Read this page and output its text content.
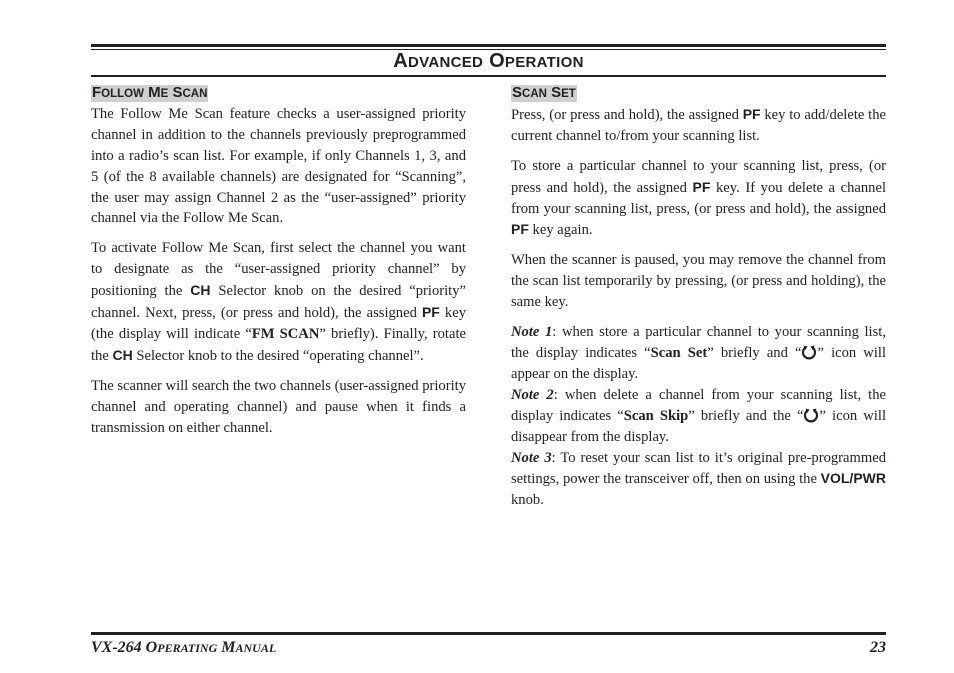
ADVANCED OPERATION
FOLLOW ME SCAN

The Follow Me Scan feature checks a user-assigned priority channel in addition to the channels previously preprogrammed into a radio’s scan list. For example, if only Channels 1, 3, and 5 (of the 8 available channels) are designated for “Scanning”, the user may assign Channel 2 as the “user-assigned” priority channel via the Follow Me Scan.

To activate Follow Me Scan, first select the channel you want to designate as the “user-assigned priority channel” by positioning the CH Selector knob on the desired “priority” channel. Next, press, (or press and hold), the assigned PF key (the display will indicate “FM SCAN” briefly). Finally, rotate the CH Selector knob to the desired “operating channel”.

The scanner will search the two channels (user-assigned priority channel and operating channel) and pause when it finds a transmission on either channel.

SCAN SET

Press, (or press and hold), the assigned PF key to add/delete the current channel to/from your scanning list.

To store a particular channel to your scanning list, press, (or press and hold), the assigned PF key. If you delete a channel from your scanning list, press, (or press and hold), the assigned PF key again.

When the scanner is paused, you may remove the channel from the scan list temporarily by pressing, (or press and holding), the same key.

Note 1: when store a particular channel to your scanning list, the display indicates “Scan Set” briefly and “ ” icon will appear on the display.

Note 2: when delete a channel from your scanning list, the display indicates “Scan Skip” briefly and the “ ” icon will disappear from the display.

Note 3: To reset your scan list to it’s original pre-programmed settings, power the transceiver off, then on using the VOL/PWR knob.

VX-264 OPERATING MANUAL	23
